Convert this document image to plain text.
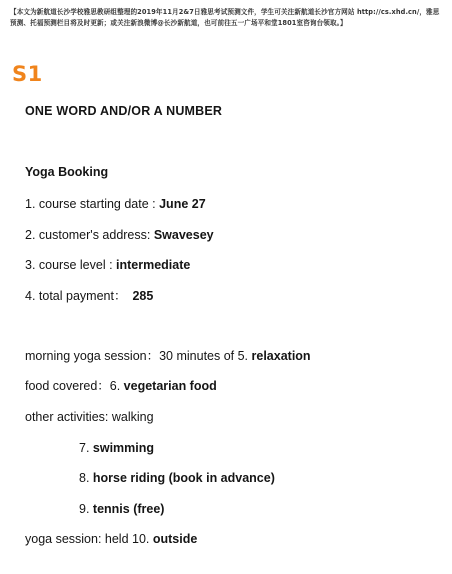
【本文为新航道长沙学校雅思教研组整理的2019年11月2&7日雅思考试预测文件，学生可关注新航道长沙官方网站 http://cs.xhd.cn/，雅思预测、托福预测栏目将及时更新；或关注新浪微博@长沙新航道，也可前往五一广场平和堂1801室咨询台领取。】
S1
ONE WORD AND/OR A NUMBER
Yoga Booking
1. course starting date : June 27
2. customer's address: Swavesey
3. course level : intermediate
4. total payment： 285
morning yoga session：30 minutes of 5. relaxation
food covered：6. vegetarian food
other activities: walking
7. swimming
8. horse riding (book in advance)
9. tennis (free)
yoga session: held 10. outside
